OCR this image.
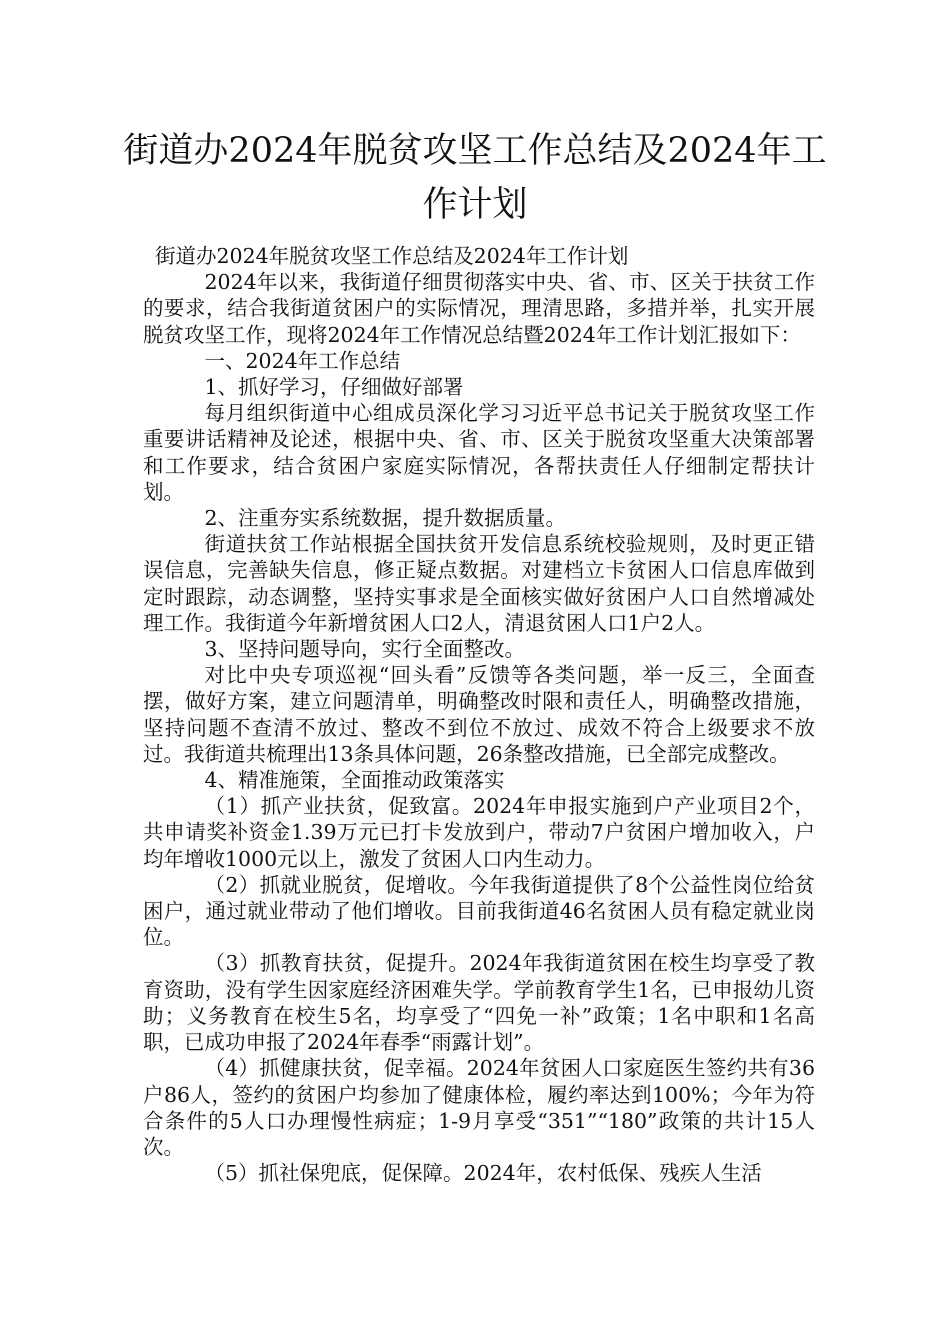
街道办2024年脱贫攻坚工作总结及2024年工作计划

街道办2024年脱贫攻坚工作总结及2024年工作计划

2024年以来，我街道仔细贯彻落实中央、省、市、区关于扶贫工作的要求，结合我街道贫困户的实际情况，理清思路，多措并举，扎实开展脱贫攻坚工作，现将2024年工作情况总结暨2024年工作计划汇报如下：

一、2024年工作总结

1、抓好学习，仔细做好部署

每月组织街道中心组成员深化学习习近平总书记关于脱贫攻坚工作重要讲话精神及论述，根据中央、省、市、区关于脱贫攻坚重大决策部署和工作要求，结合贫困户家庭实际情况，各帮扶责任人仔细制定帮扶计划。

2、注重夯实系统数据，提升数据质量。

街道扶贫工作站根据全国扶贫开发信息系统校验规则，及时更正错误信息，完善缺失信息，修正疑点数据。对建档立卡贫困人口信息库做到定时跟踪，动态调整，坚持实事求是全面核实做好贫困户人口自然增减处理工作。我街道今年新增贫困人口2人，清退贫困人口1户2人。

3、坚持问题导向，实行全面整改。

对比中央专项巡视“回头看”反馈等各类问题，举一反三，全面查摆，做好方案，建立问题清单，明确整改时限和责任人，明确整改措施，坚持问题不查清不放过、整改不到位不放过、成效不符合上级要求不放过。我街道共梳理出13条具体问题，26条整改措施，已全部完成整改。

4、精准施策，全面推动政策落实

（1）抓产业扶贫，促致富。2024年申报实施到户产业项目2个，共申请奖补资金1.39万元已打卡发放到户，带动7户贫困户增加收入，户均年增收1000元以上，激发了贫困人口内生动力。

（2）抓就业脱贫，促增收。今年我街道提供了8个公益性岗位给贫困户，通过就业带动了他们增收。目前我街道46名贫困人员有稳定就业岗位。

（3）抓教育扶贫，促提升。2024年我街道贫困在校生均享受了教育资助，没有学生因家庭经济困难失学。学前教育学生1名，已申报幼儿资助；义务教育在校生5名，均享受了“四免一补”政策；1名中职和1名高职，已成功申报了2024年春季“雨露计划”。

（4）抓健康扶贫，促幸福。2024年贫困人口家庭医生签约共有36户86人，签约的贫困户均参加了健康体检，履约率达到100%；今年为符合条件的5人口办理慢性病症；1-9月享受“351”“180”政策的共计15人次。

（5）抓社保兜底，促保障。2024年，农村低保、残疾人生活
